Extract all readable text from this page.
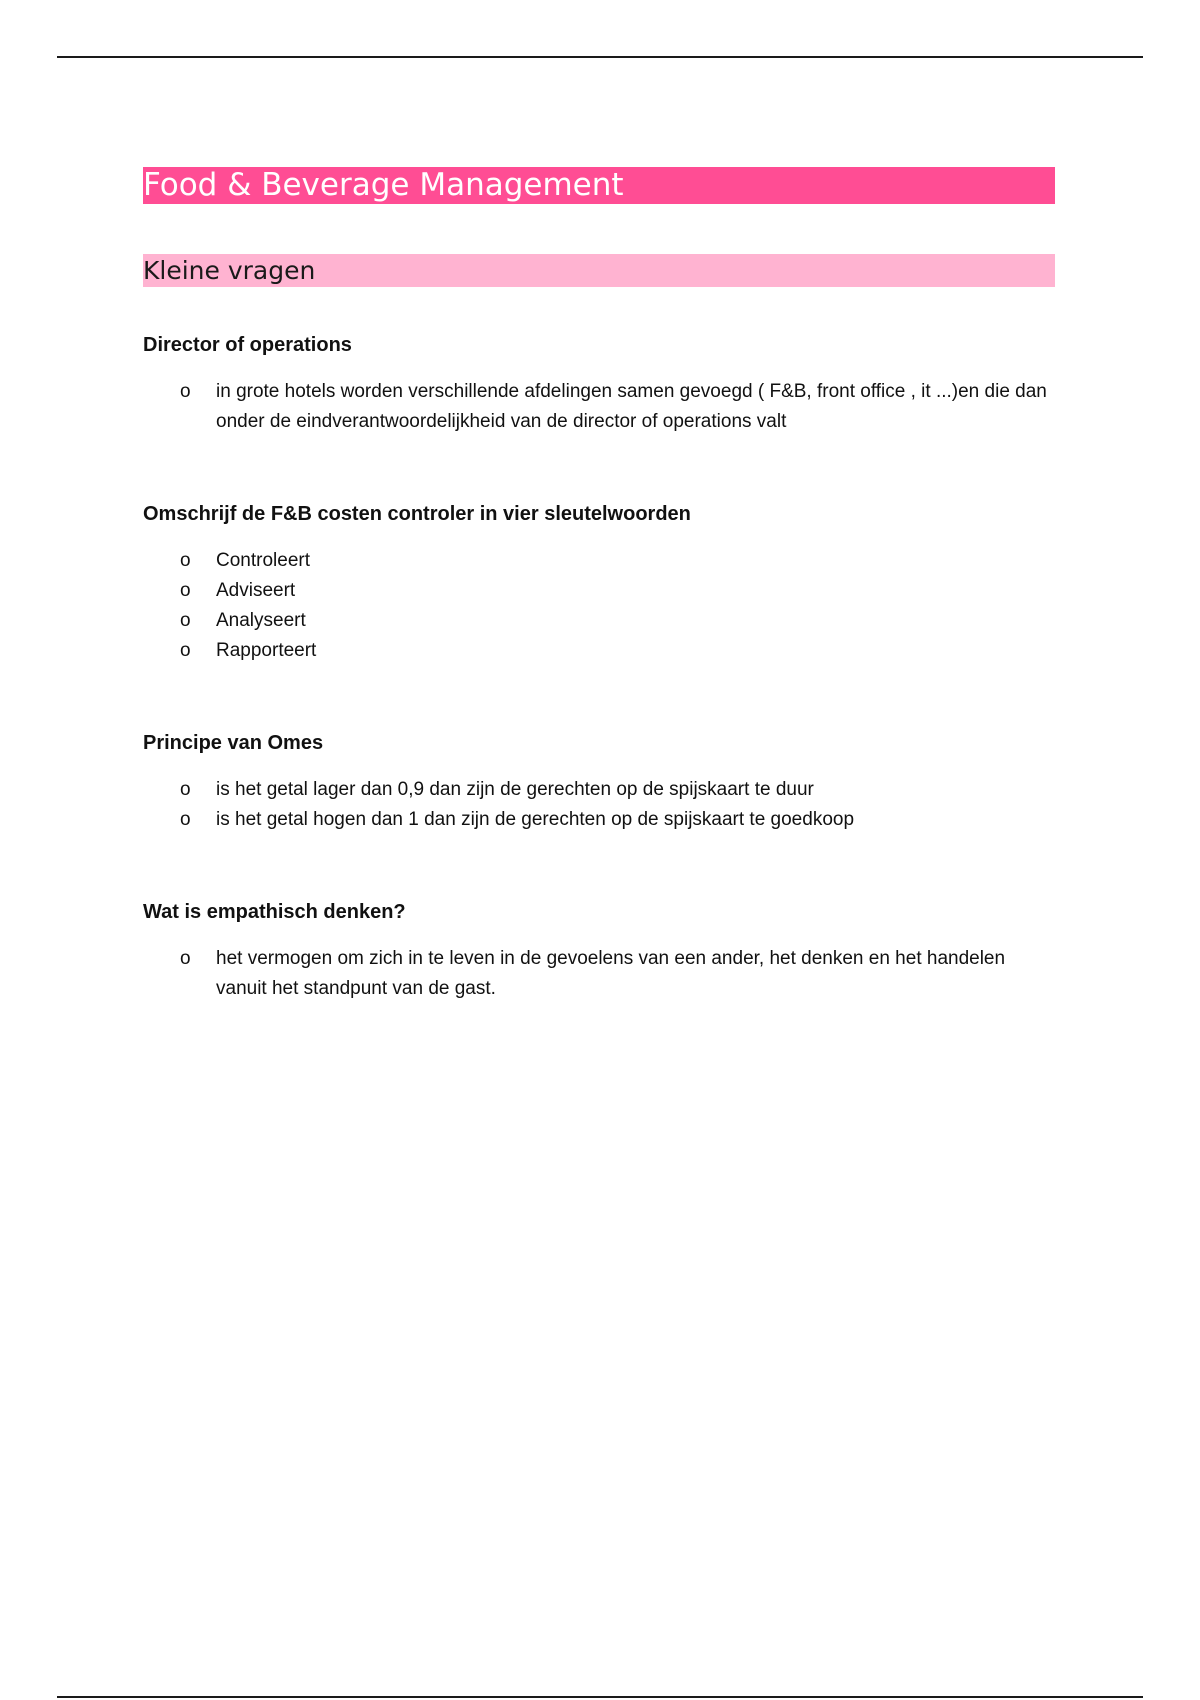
Food & Beverage Management
Kleine vragen
Director of operations
o in grote hotels worden verschillende afdelingen samen gevoegd ( F&B, front office , it ...)en die dan onder de eindverantwoordelijkheid van de director of operations valt
Omschrijf de F&B costen controler in vier sleutelwoorden
o Controleert
o Adviseert
o Analyseert
o Rapporteert
Principe van Omes
o is het getal lager dan 0,9 dan zijn de gerechten op de spijskaart te duur
o is het getal hogen dan 1 dan zijn de gerechten op de spijskaart te goedkoop
Wat is empathisch denken?
o het vermogen om zich in te leven in de gevoelens van een ander, het denken en het handelen vanuit het standpunt van de gast.
